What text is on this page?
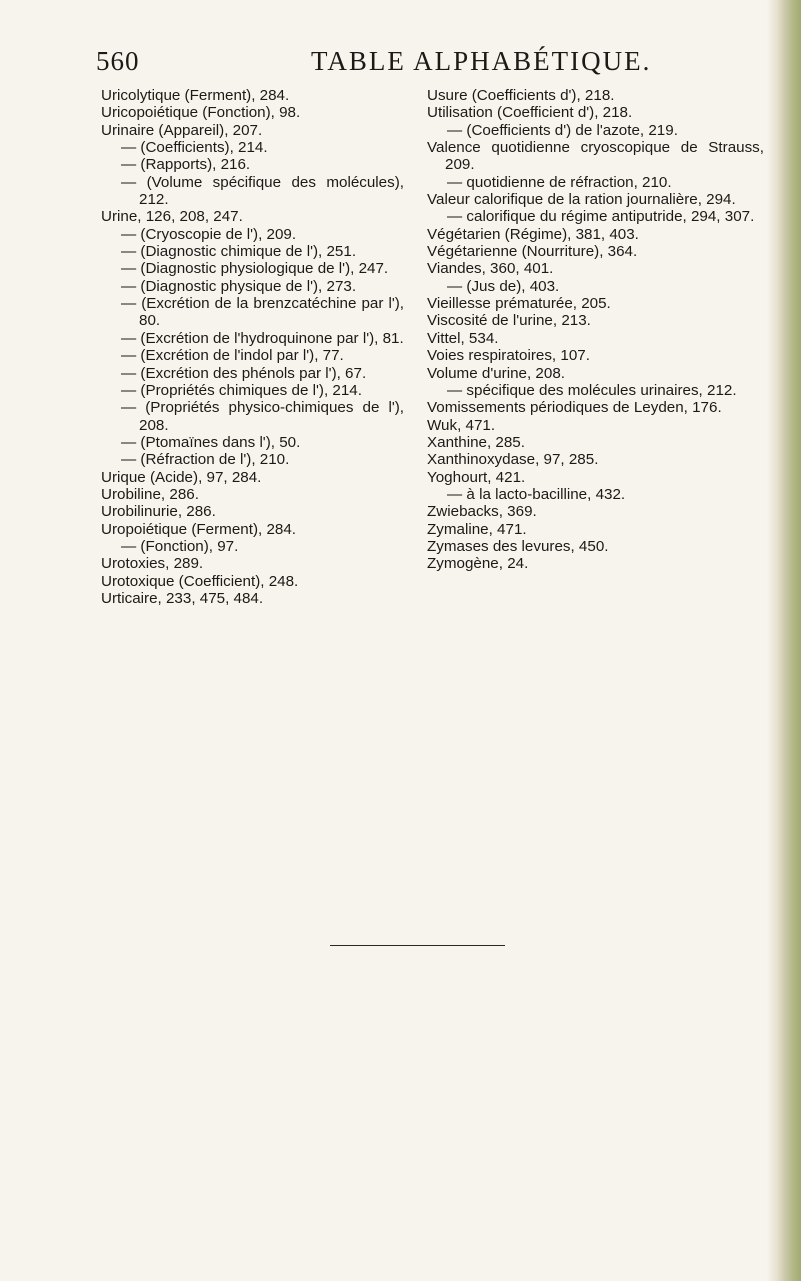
560	TABLE ALPHABÉTIQUE.

Uricolytique (Ferment), 284.

Uricopoiétique (Fonction), 98.

Urinaire (Appareil), 207.

— (Coefficients), 214.

— (Rapports), 216.

— (Volume spécifique des molécules), 212.

Urine, 126, 208, 247.

— (Cryoscopie de l'), 209.

— (Diagnostic chimique de l'), 251.

— (Diagnostic physiologique de l'), 247.

— (Diagnostic physique de l'), 273.

— (Excrétion de la brenzcatéchine par l'), 80.

— (Excrétion de l'hydroquinone par l'), 81.

— (Excrétion de l'indol par l'), 77.

— (Excrétion des phénols par l'), 67.

— (Propriétés chimiques de l'), 214.

— (Propriétés physico-chimiques de l'), 208.

— (Ptomaïnes dans l'), 50.

— (Réfraction de l'), 210.

Urique (Acide), 97, 284.

Urobiline, 286.

Urobilinurie, 286.

Uropoiétique (Ferment), 284.

— (Fonction), 97.

Urotoxies, 289.

Urotoxique (Coefficient), 248.

Urticaire, 233, 475, 484.

Usure (Coefficients d'), 218.

Utilisation (Coefficient d'), 218.

— (Coefficients d') de l'azote, 219.

Valence quotidienne cryoscopique de Strauss, 209.

— quotidienne de réfraction, 210.

Valeur calorifique de la ration journalière, 294.

— calorifique du régime antiputride, 294, 307.

Végétarien (Régime), 381, 403.

Végétarienne (Nourriture), 364.

Viandes, 360, 401.

— (Jus de), 403.

Vieillesse prématurée, 205.

Viscosité de l'urine, 213.

Vittel, 534.

Voies respiratoires, 107.

Volume d'urine, 208.

— spécifique des molécules urinaires, 212.

Vomissements périodiques de Leyden, 176.

Wuk, 471.

Xanthine, 285.

Xanthinoxydase, 97, 285.

Yoghourt, 421.

— à la lacto-bacilline, 432.

Zwiebacks, 369.

Zymaline, 471.

Zymases des levures, 450.

Zymogène, 24.
